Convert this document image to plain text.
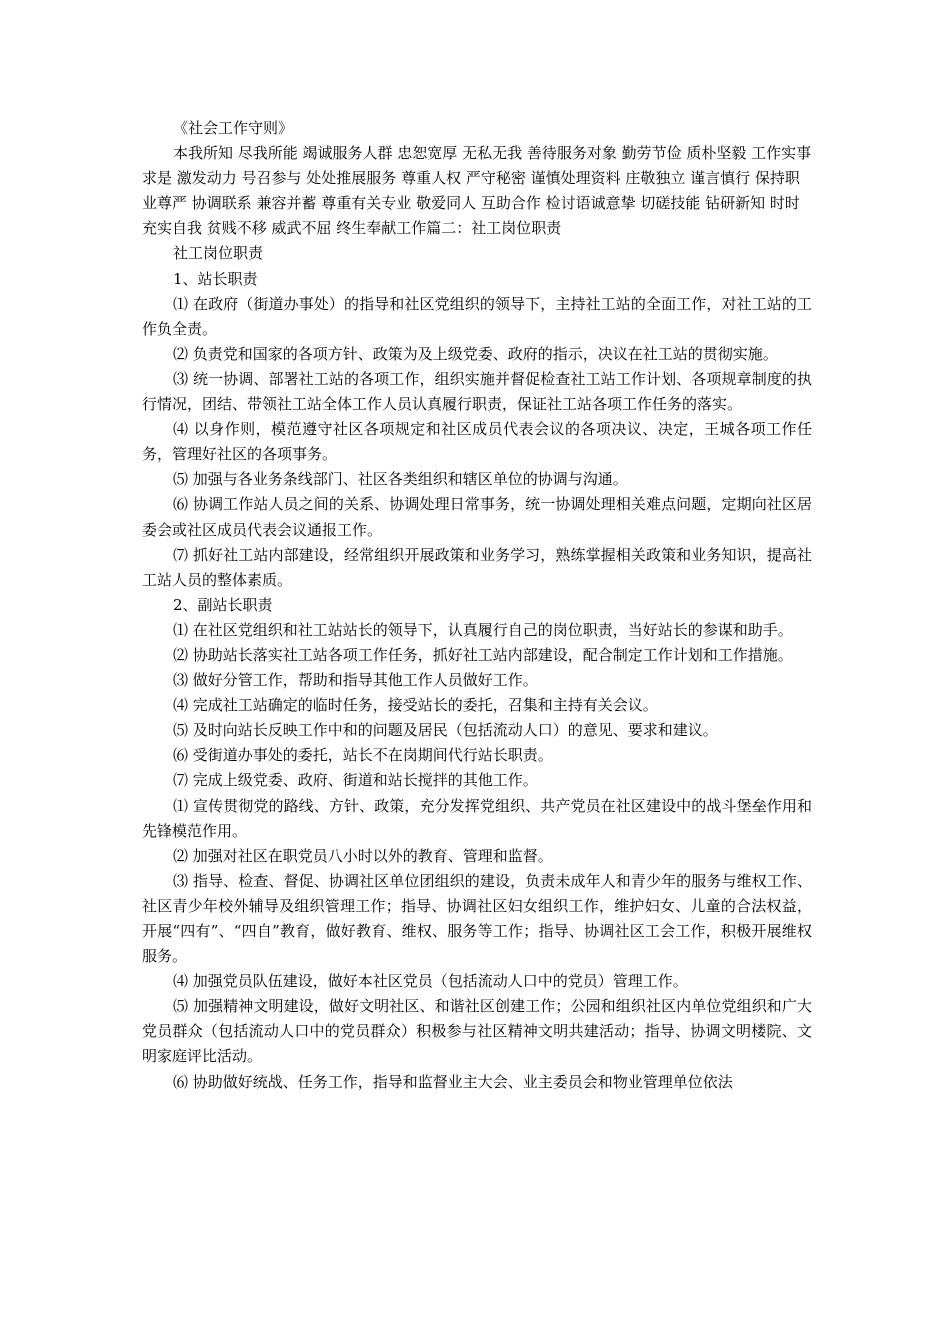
《社会工作守则》

本我所知 尽我所能 竭诚服务人群 忠恕宽厚 无私无我 善待服务对象 勤劳节俭 质朴坚毅 工作实事求是 激发动力 号召参与 处处推展服务 尊重人权 严守秘密 谨慎处理资料 庄敬独立 谨言慎行 保持职业尊严 协调联系 兼容并蓄 尊重有关专业 敬爱同人 互助合作 检讨语诚意挚 切磋技能 钻研新知 时时充实自我 贫贱不移 威武不屈 终生奉献工作篇二：社工岗位职责

社工岗位职责

1、站长职责

⑴ 在政府（街道办事处）的指导和社区党组织的领导下，主持社工站的全面工作，对社工站的工作负全责。

⑵ 负责党和国家的各项方针、政策为及上级党委、政府的指示，决议在社工站的贯彻实施。

⑶ 统一协调、部署社工站的各项工作，组织实施并督促检查社工站工作计划、各项规章制度的执行情况，团结、带领社工站全体工作人员认真履行职责，保证社工站各项工作任务的落实。

⑷ 以身作则，模范遵守社区各项规定和社区成员代表会议的各项决议、决定，王城各项工作任务，管理好社区的各项事务。

⑸ 加强与各业务条线部门、社区各类组织和辖区单位的协调与沟通。

⑹ 协调工作站人员之间的关系、协调处理日常事务，统一协调处理相关难点问题，定期向社区居委会或社区成员代表会议通报工作。

⑺ 抓好社工站内部建设，经常组织开展政策和业务学习，熟练掌握相关政策和业务知识，提高社工站人员的整体素质。

2、副站长职责

⑴ 在社区党组织和社工站站长的领导下，认真履行自己的岗位职责，当好站长的参谋和助手。

⑵ 协助站长落实社工站各项工作任务，抓好社工站内部建设，配合制定工作计划和工作措施。

⑶ 做好分管工作，帮助和指导其他工作人员做好工作。

⑷ 完成社工站确定的临时任务，接受站长的委托，召集和主持有关会议。

⑸ 及时向站长反映工作中和的问题及居民（包括流动人口）的意见、要求和建议。

⑹ 受街道办事处的委托，站长不在岗期间代行站长职责。

⑺ 完成上级党委、政府、街道和站长搅拌的其他工作。

⑴ 宣传贯彻党的路线、方针、政策，充分发挥党组织、共产党员在社区建设中的战斗堡垒作用和先锋模范作用。

⑵ 加强对社区在职党员八小时以外的教育、管理和监督。

⑶ 指导、检查、督促、协调社区单位团组织的建设，负责未成年人和青少年的服务与维权工作、社区青少年校外辅导及组织管理工作；指导、协调社区妇女组织工作，维护妇女、儿童的合法权益，开展“四有”、“四自”教育，做好教育、维权、服务等工作；指导、协调社区工会工作，积极开展维权服务。

⑷ 加强党员队伍建设，做好本社区党员（包括流动人口中的党员）管理工作。

⑸ 加强精神文明建设，做好文明社区、和谐社区创建工作；公园和组织社区内单位党组织和广大党员群众（包括流动人口中的党员群众）积极参与社区精神文明共建活动；指导、协调文明楼院、文明家庭评比活动。

⑹ 协助做好统战、任务工作，指导和监督业主大会、业主委员会和物业管理单位依法
